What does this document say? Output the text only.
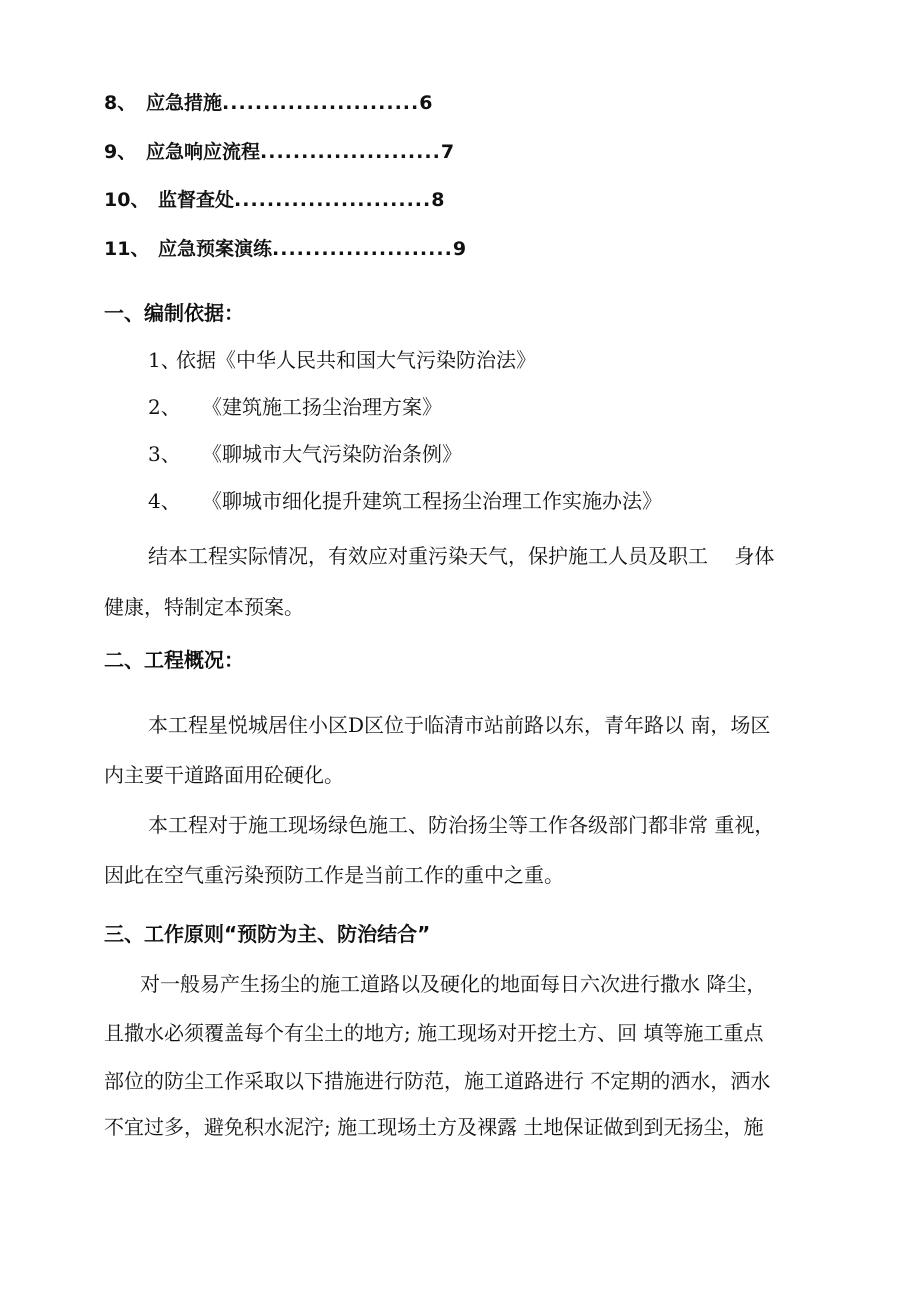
8、 应急措施........................6
9、 应急响应流程......................7
10、 监督查处........................8
11、 应急预案演练......................9
一、编制依据：
1、依据《中华人民共和国大气污染防治法》
2、 《建筑施工扬尘治理方案》
3、 《聊城市大气污染防治条例》
4、 《聊城市细化提升建筑工程扬尘治理工作实施办法》
结本工程实际情况，有效应对重污染天气，保护施工人员及职工　 身体
健康，特制定本预案。
二、工程概况：
本工程星悦城居住小区D区位于临清市站前路以东，青年路以 南，场区
内主要干道路面用砼硬化。
本工程对于施工现场绿色施工、防治扬尘等工作各级部门都非常 重视，
因此在空气重污染预防工作是当前工作的重中之重。
三、工作原则“预防为主、防治结合”
对一般易产生扬尘的施工道路以及硬化的地面每日六次进行撒水 降尘，
且撒水必须覆盖每个有尘土的地方; 施工现场对开挖土方、回 填等施工重点
部位的防尘工作采取以下措施进行防范，施工道路进行 不定期的洒水，洒水
不宜过多，避免积水泥泞; 施工现场土方及裸露 土地保证做到到无扬尘，施
